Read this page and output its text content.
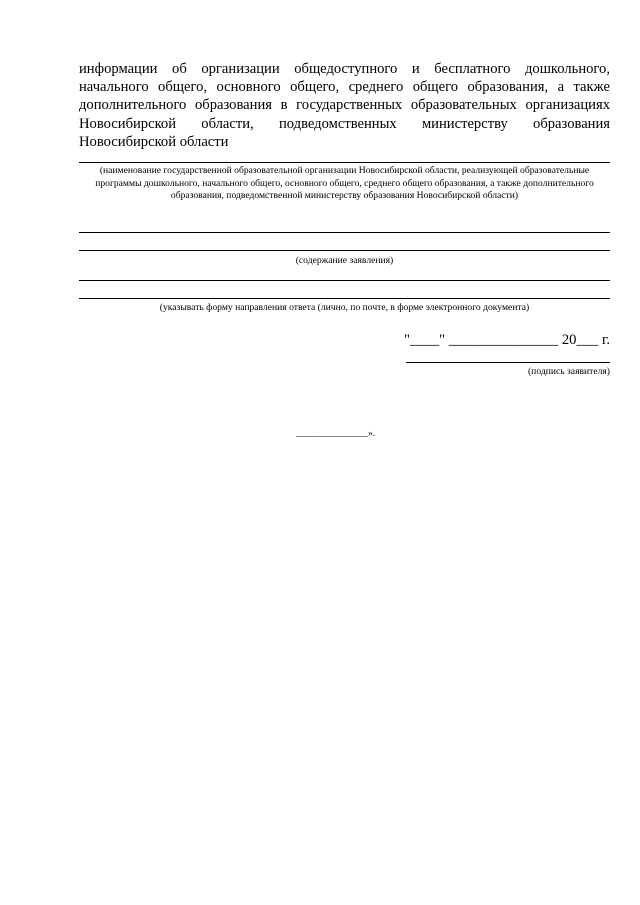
информации об организации общедоступного и бесплатного дошкольного, начального общего, основного общего, среднего общего образования, а также дополнительного образования в государственных образовательных организациях Новосибирской области, подведомственных министерству образования Новосибирской области

(наименование государственной образовательной организации Новосибирской области, реализующей образовательные программы дошкольного, начального общего, основного общего, среднего общего образования, а также дополнительного образования, подведомственной министерству образования Новосибирской области)

(содержание заявления)

(указывать форму направления ответа (лично, по почте, в форме электронного документа)

"____" _______________ 20___ г.
(подпись заявителя)
_______________».
